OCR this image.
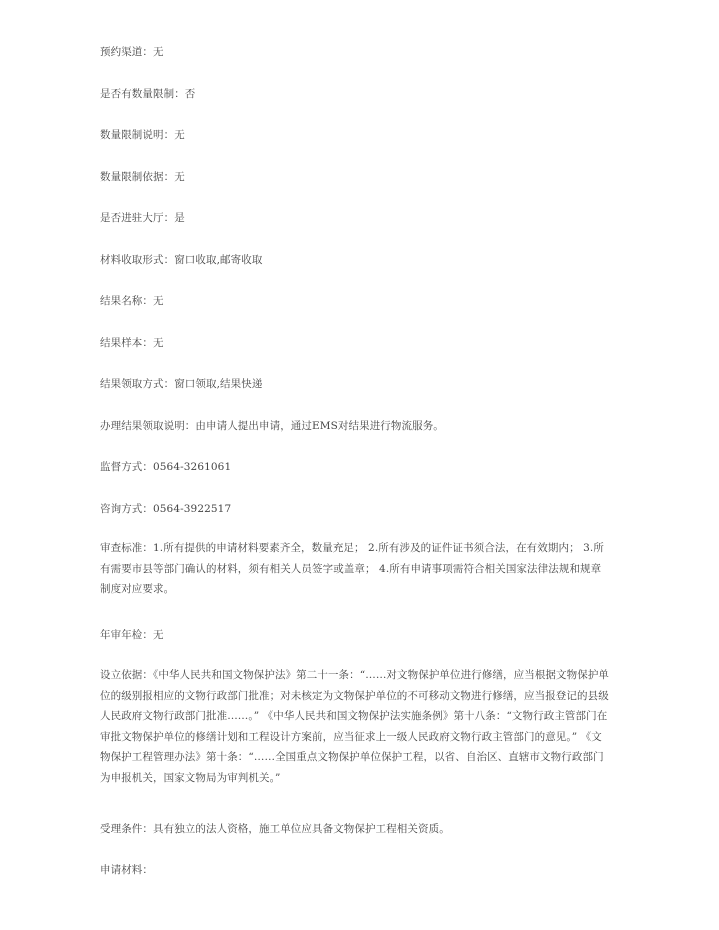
预约渠道：无
是否有数量限制：否
数量限制说明：无
数量限制依据：无
是否进驻大厅：是
材料收取形式：窗口收取,邮寄收取
结果名称：无
结果样本：无
结果领取方式：窗口领取,结果快递
办理结果领取说明：由申请人提出申请，通过EMS对结果进行物流服务。
监督方式：0564-3261061
咨询方式：0564-3922517
审查标准：1.所有提供的申请材料要素齐全，数量充足； 2.所有涉及的证件证书须合法，在有效期内； 3.所有需要市县等部门确认的材料，须有相关人员签字或盖章； 4.所有申请事项需符合相关国家法律法规和规章制度对应要求。
年审年检：无
设立依据：《中华人民共和国文物保护法》第二十一条：“……对文物保护单位进行修缮，应当根据文物保护单位的级别报相应的文物行政部门批准；对未核定为文物保护单位的不可移动文物进行修缮，应当报登记的县级人民政府文物行政部门批准……。” 《中华人民共和国文物保护法实施条例》第十八条：“文物行政主管部门在审批文物保护单位的修缮计划和工程设计方案前，应当征求上一级人民政府文物行政主管部门的意见。” 《文物保护工程管理办法》第十条：“……全国重点文物保护单位保护工程，以省、自治区、直辖市文物行政部门为申报机关，国家文物局为审判机关。”
受理条件：具有独立的法人资格，施工单位应具备文物保护工程相关资质。
申请材料：
